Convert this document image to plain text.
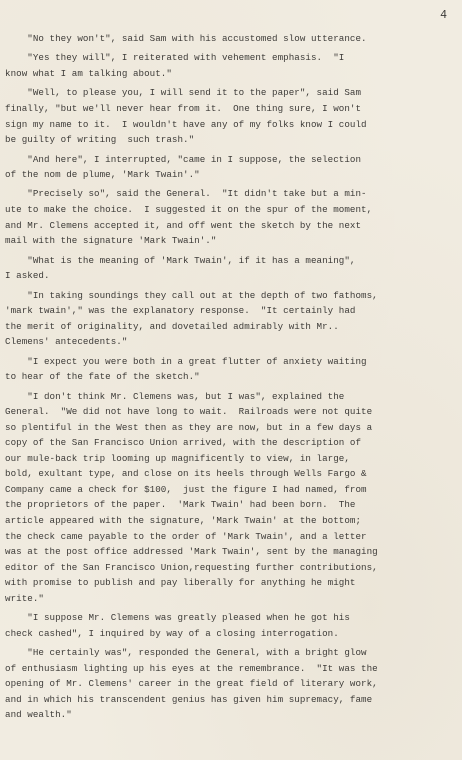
4
"No they won't", said Sam with his accustomed slow utterance.
"Yes they will", I reiterated with vehement emphasis.  "I
know what I am talking about."
"Well, to please you, I will send it to the paper", said Sam
finally, "but we'll never hear from it.  One thing sure, I won't
sign my name to it.  I wouldn't have any of my folks know I could
be guilty of writing  such trash."
"And here", I interrupted, "came in I suppose, the selection
of the nom de plume, 'Mark Twain'."
"Precisely so", said the General.  "It didn't take but a min-
ute to make the choice.  I suggested it on the spur of the moment,
and Mr. Clemens accepted it, and off went the sketch by the next
mail with the signature 'Mark Twain'."
"What is the meaning of 'Mark Twain', if it has a meaning",
I asked.
"In taking soundings they call out at the depth of two fathoms,
'mark twain'," was the explanatory response.  "It certainly had
the merit of originality, and dovetailed admirably with Mr..
Clemens' antecedents."
"I expect you were both in a great flutter of anxiety waiting
to hear of the fate of the sketch."
"I don't think Mr. Clemens was, but I was", explained the
General.  "We did not have long to wait.  Railroads were not quite
so plentiful in the West then as they are now, but in a few days a
copy of the San Francisco Union arrived, with the description of
our mule-back trip looming up magnificently to view, in large,
bold, exultant type, and close on its heels through Wells Fargo &
Company came a check for $100,  just the figure I had named, from
the proprietors of the paper.  'Mark Twain' had been born.  The
article appeared with the signature, 'Mark Twain' at the bottom;
the check came payable to the order of 'Mark Twain', and a letter
was at the post office addressed 'Mark Twain', sent by the managing
editor of the San Francisco Union,requesting further contributions,
with promise to publish and pay liberally for anything he might
write."
"I suppose Mr. Clemens was greatly pleased when he got his
check cashed", I inquired by way of a closing interrogation.
"He certainly was", responded the General, with a bright glow
of enthusiasm lighting up his eyes at the remembrance.  "It was the
opening of Mr. Clemens' career in the great field of literary work,
and in which his transcendent genius has given him supremacy, fame
and wealth."
